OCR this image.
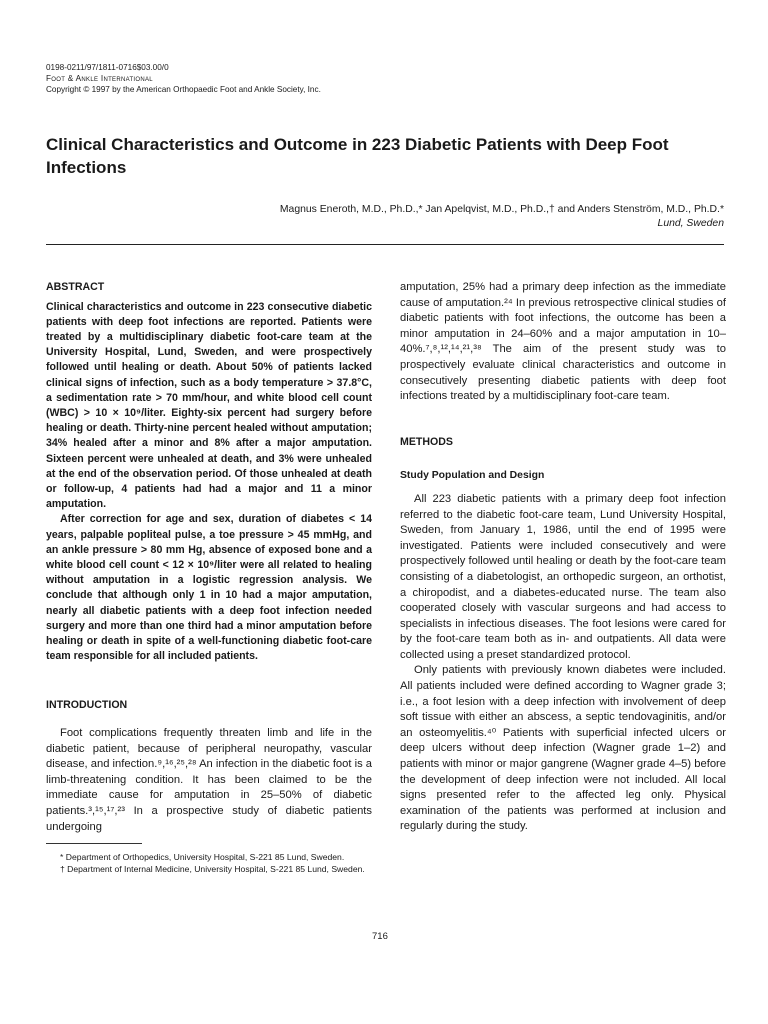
0198-0211/97/1811-0716$03.00/0
Foot & Ankle International
Copyright © 1997 by the American Orthopaedic Foot and Ankle Society, Inc.
Clinical Characteristics and Outcome in 223 Diabetic Patients with Deep Foot Infections
Magnus Eneroth, M.D., Ph.D.,* Jan Apelqvist, M.D., Ph.D.,† and Anders Stenström, M.D., Ph.D.*
Lund, Sweden
ABSTRACT

Clinical characteristics and outcome in 223 consecutive diabetic patients with deep foot infections are reported. Patients were treated by a multidisciplinary diabetic foot-care team at the University Hospital, Lund, Sweden, and were prospectively followed until healing or death. About 50% of patients lacked clinical signs of infection, such as a body temperature > 37.8°C, a sedimentation rate > 70 mm/hour, and white blood cell count (WBC) > 10 × 10⁹/liter. Eighty-six percent had surgery before healing or death. Thirty-nine percent healed without amputation; 34% healed after a minor and 8% after a major amputation. Sixteen percent were unhealed at death, and 3% were unhealed at the end of the observation period. Of those unhealed at death or follow-up, 4 patients had had a major and 11 a minor amputation.

After correction for age and sex, duration of diabetes < 14 years, palpable popliteal pulse, a toe pressure > 45 mmHg, and an ankle pressure > 80 mm Hg, absence of exposed bone and a white blood cell count < 12 × 10⁹/liter were all related to healing without amputation in a logistic regression analysis. We conclude that although only 1 in 10 had a major amputation, nearly all diabetic patients with a deep foot infection needed surgery and more than one third had a minor amputation before healing or death in spite of a well-functioning diabetic foot-care team responsible for all included patients.

INTRODUCTION

Foot complications frequently threaten limb and life in the diabetic patient, because of peripheral neuropathy, vascular disease, and infection.⁹,¹⁶,²⁵,²⁸ An infection in the diabetic foot is a limb-threatening condition. It has been claimed to be the immediate cause for amputation in 25–50% of diabetic patients.³,¹⁵,¹⁷,²³ In a prospective study of diabetic patients undergoing

* Department of Orthopedics, University Hospital, S-221 85 Lund, Sweden.

† Department of Internal Medicine, University Hospital, S-221 85 Lund, Sweden.

amputation, 25% had a primary deep infection as the immediate cause of amputation.²⁴ In previous retrospective clinical studies of diabetic patients with foot infections, the outcome has been a minor amputation in 24–60% and a major amputation in 10–40%.⁷,⁸,¹²,¹⁴,²¹,³⁸ The aim of the present study was to prospectively evaluate clinical characteristics and outcome in consecutively presenting diabetic patients with deep foot infections treated by a multidisciplinary foot-care team.

METHODS
Study Population and Design

All 223 diabetic patients with a primary deep foot infection referred to the diabetic foot-care team, Lund University Hospital, Sweden, from January 1, 1986, until the end of 1995 were investigated. Patients were included consecutively and were prospectively followed until healing or death by the foot-care team consisting of a diabetologist, an orthopedic surgeon, an orthotist, a chiropodist, and a diabetes-educated nurse. The team also cooperated closely with vascular surgeons and had access to specialists in infectious diseases. The foot lesions were cared for by the foot-care team both as in- and outpatients. All data were collected using a preset standardized protocol.

Only patients with previously known diabetes were included. All patients included were defined according to Wagner grade 3; i.e., a foot lesion with a deep infection with involvement of deep soft tissue with either an abscess, a septic tendovaginitis, and/or an osteomyelitis.⁴⁰ Patients with superficial infected ulcers or deep ulcers without deep infection (Wagner grade 1–2) and patients with minor or major gangrene (Wagner grade 4–5) before the development of deep infection were not included. All local signs presented refer to the affected leg only. Physical examination of the patients was performed at inclusion and regularly during the study.

716
